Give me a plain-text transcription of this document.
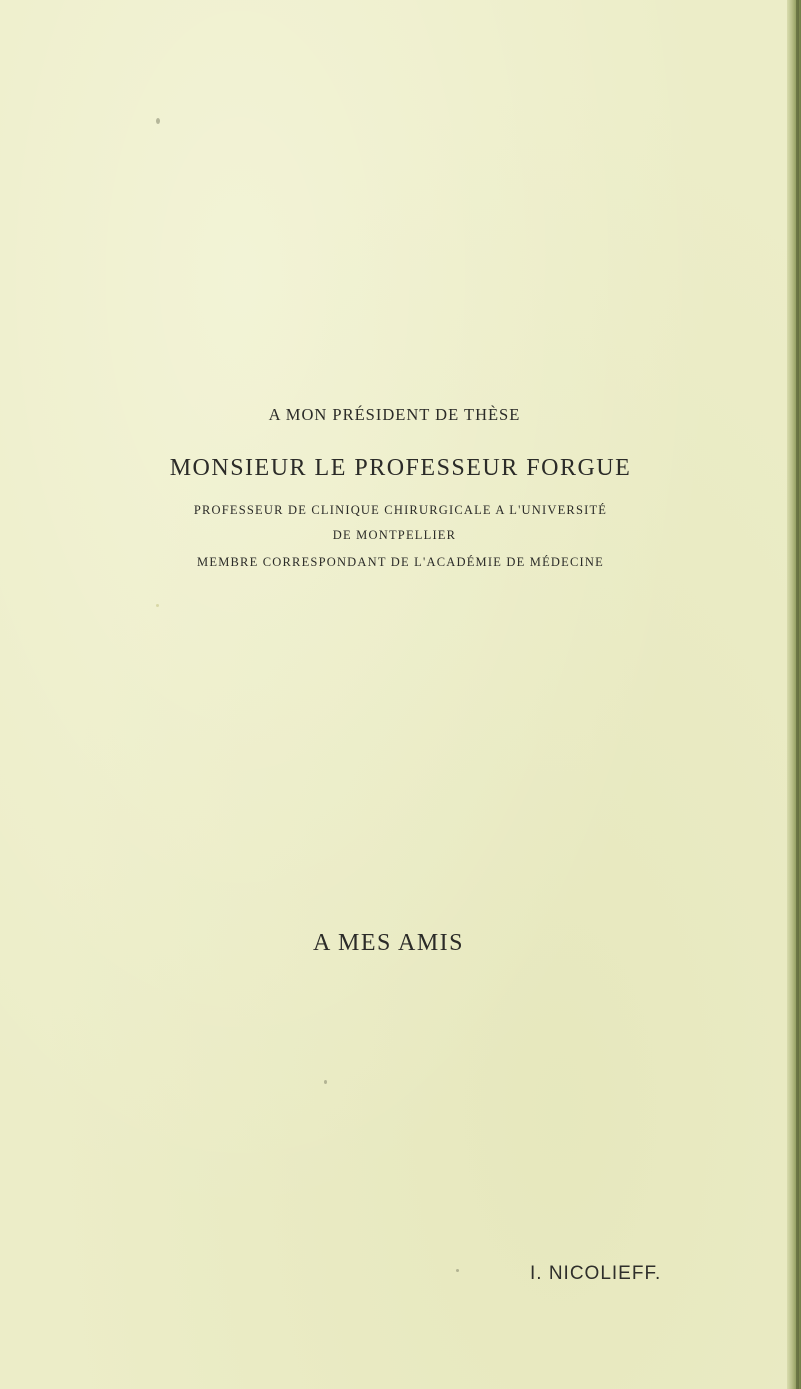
A MON PRÉSIDENT DE THÈSE
MONSIEUR LE PROFESSEUR FORGUE
PROFESSEUR DE CLINIQUE CHIRURGICALE A L'UNIVERSITÉ
DE MONTPELLIER
MEMBRE CORRESPONDANT DE L'ACADÉMIE DE MÉDECINE
A MES AMIS
I. NICOLIEFF.
